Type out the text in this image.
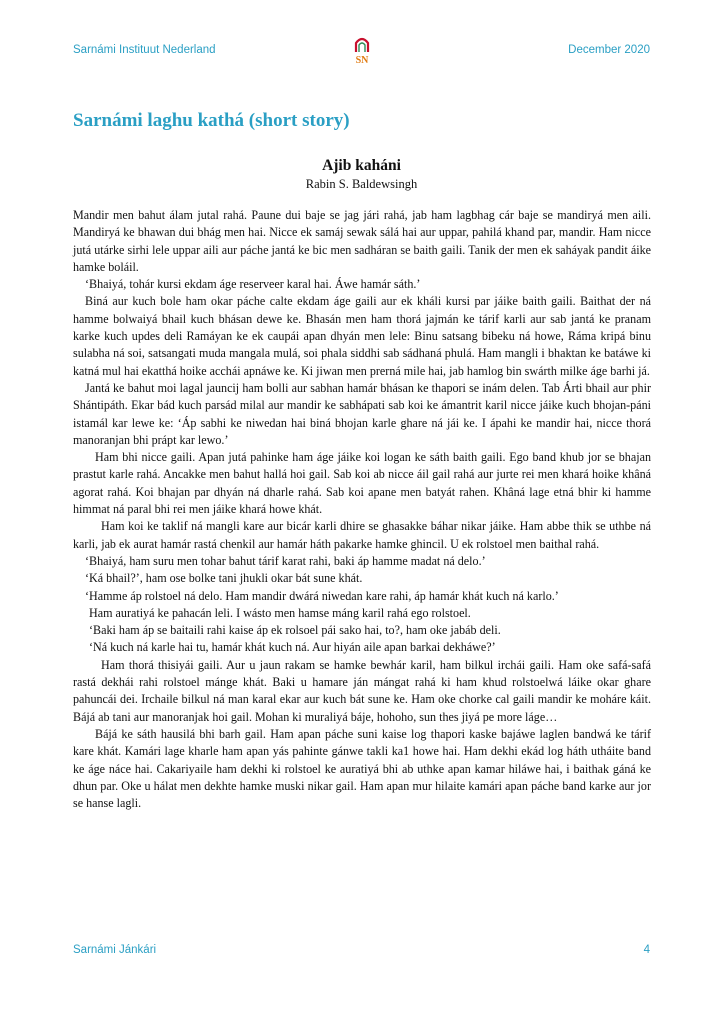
Sarnámi Instituut Nederland
SN
December 2020
Sarnámi laghu kathá (short story)
Ajib kaháni
Rabin S. Baldewsingh

Mandir men bahut álam jutal rahá. Paune dui baje se jag jári rahá, jab ham lagbhag cár baje se mandiryá men aili. Mandiryá ke bhawan dui bhág men hai. Nicce ek samáj sewak sálá hai aur uppar, pahilá khand par, mandir. Ham nicce jutá utárke sirhi lele uppar aili aur páche jantá ke bic men sadháran se baith gaili. Tanik der men ek saháyak pandit áike hamke boláil.

‘Bhaiyá, tohár kursi ekdam áge reserveer karal hai. Áwe hamár sáth.’

Biná aur kuch bole ham okar páche calte ekdam áge gaili aur ek kháli kursi par jáike baith gaili. Baithat der ná hamme bolwaiyá bhail kuch bhásan dewe ke. Bhasán men ham thorá jajmán ke tárif karli aur sab jantá ke pranam karke kuch updes deli Ramáyan ke ek caupái apan dhyán men lele: Binu satsang bibeku ná howe, Ráma kripá binu sulabha ná soi, satsangati muda mangala mulá, soi phala siddhi sab sádhaná phulá. Ham mangli i bhaktan ke batáwe ki katná mul hai ekatthá hoike acchái apnáwe ke. Ki jiwan men prerná mile hai, jab hamlog bin swárth milke áge barhi já.

Jantá ke bahut moi lagal jauncij ham bolli aur sabhan hamár bhásan ke thapori se inám delen. Tab Árti bhail aur phir Shántipáth. Ekar bád kuch parsád milal aur mandir ke sabhápati sab koi ke ámantrit karil nicce jáike kuch bhojan-páni istamál kar lewe ke: ‘Áp sabhi ke niwedan hai biná bhojan karle ghare ná jái ke. I ápahi ke mandir hai, nicce thorá manoranjan bhi prápt kar lewo.’

Ham bhi nicce gaili. Apan jutá pahinke ham áge jáike koi logan ke sáth baith gaili. Ego band khub jor se bhajan prastut karle rahá. Ancakke men bahut hallá hoi gail. Sab koi ab nicce áil gail rahá aur jurte rei men khará hoike khâná agorat rahá. Koi bhajan par dhyán ná dharle rahá. Sab koi apane men batyát rahen. Khâná lage etná bhir ki hamme himmat ná paral bhi rei men jáike khará howe khát.

Ham koi ke taklif ná mangli kare aur bicár karli dhire se ghasakke báhar nikar jáike. Ham abbe thik se uthbe ná karli, jab ek aurat hamár rastá chenkil aur hamár háth pakarke hamke ghincil. U ek rolstoel men baithal rahá.

‘Bhaiyá, ham suru men tohar bahut tárif karat rahi, baki áp hamme madat ná delo.’

‘Ká bhail?’, ham ose bolke tani jhukli okar bát sune khát.

‘Hamme áp rolstoel ná delo. Ham mandir dwárá niwedan kare rahi, áp hamár khát kuch ná karlo.’

Ham auratiyá ke pahacán leli. I wásto men hamse máng karil rahá ego rolstoel.

‘Baki ham áp se baitaili rahi kaise áp ek rolsoel pái sako hai, to?, ham oke jabáb deli.

‘Ná kuch ná karle hai tu, hamár khát kuch ná. Aur hiyán aile apan barkai dekháwe?’

Ham thorá thisiyái gaili. Aur u jaun rakam se hamke bewhár karil, ham bilkul irchái gaili. Ham oke safá-safá rastá dekhái rahi rolstoel mánge khát. Baki u hamare ján mángat rahá ki ham khud rolstoelwá láike okar ghare pahuncái dei. Irchaile bilkul ná man karal ekar aur kuch bát sune ke. Ham oke chorke cal gaili mandir ke moháre káit. Bájá ab tani aur manoranjak hoi gail. Mohan ki muraliyá báje, hohoho, sun thes jiyá pe more láge…

Bájá ke sáth hausilá bhi barh gail. Ham apan páche suni kaise log thapori kaske bajáwe laglen bandwá ke tárif kare khát. Kamári lage kharle ham apan yás pahinte gánwe takli ka1 howe hai. Ham dekhi ekád log háth utháite band ke áge náce hai. Cakariyaile ham dekhi ki rolstoel ke auratiyá bhi ab uthke apan kamar hiláwe hai, i baithak gáná ke dhun par. Oke u hálat men dekhte hamke muski nikar gail. Ham apan mur hilaite kamári apan páche band karke aur jor se hanse lagli.

Sarnámi Jánkári	4
